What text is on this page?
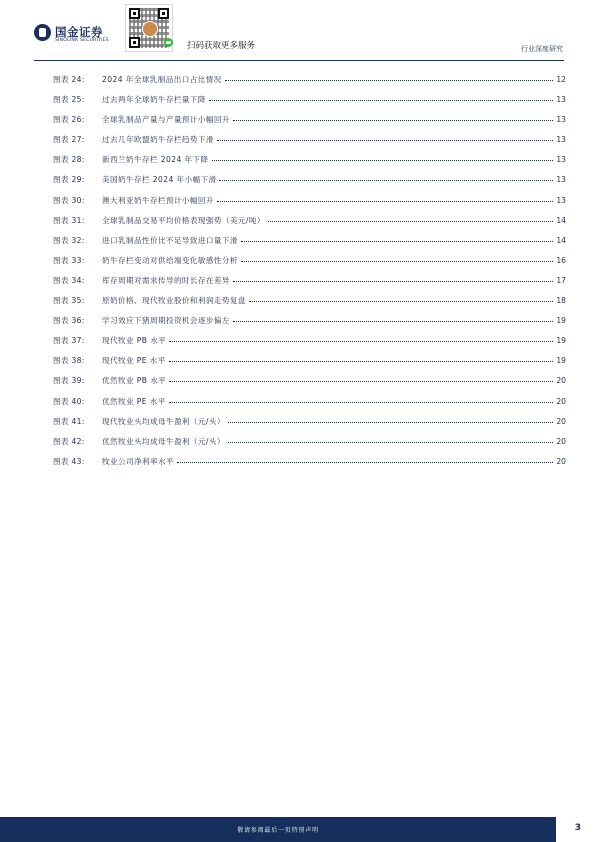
国金证券
SINOLINK SECURITIES
扫码获取更多服务	行业深度研究
图表 24:	2024 年全球乳制品出口占比情况	12
图表 25:	过去两年全球奶牛存栏量下降	13
图表 26:	全球乳制品产量与产量预计小幅回升	13
图表 27:	过去几年欧盟奶牛存栏趋势下滑	13
图表 28:	新西兰奶牛存栏 2024 年下降	13
图表 29:	美国奶牛存栏 2024 年小幅下滑	13
图表 30:	澳大利亚奶牛存栏预计小幅回升	13
图表 31:	全球乳制品交易平均价格表现强势（美元/吨）	14
图表 32:	进口乳制品性价比不足导致进口量下滑	14
图表 33:	奶牛存栏变动对供给端变化敏感性分析	16
图表 34:	库存周期对需求传导的时长存在差异	17
图表 35:	原奶价格、现代牧业股价和利润走势复盘	18
图表 36:	学习效应下猪周期投资机会逐步偏左	19
图表 37:	现代牧业 PB 水平	19
图表 38:	现代牧业 PE 水平	19
图表 39:	优然牧业 PB 水平	20
图表 40:	优然牧业 PE 水平	20
图表 41:	现代牧业头均成母牛盈利（元/头）	20
图表 42:	优然牧业头均成母牛盈利（元/头）	20
图表 43:	牧业公司净利率水平	20
敬请参阅最后一页特别声明	3
